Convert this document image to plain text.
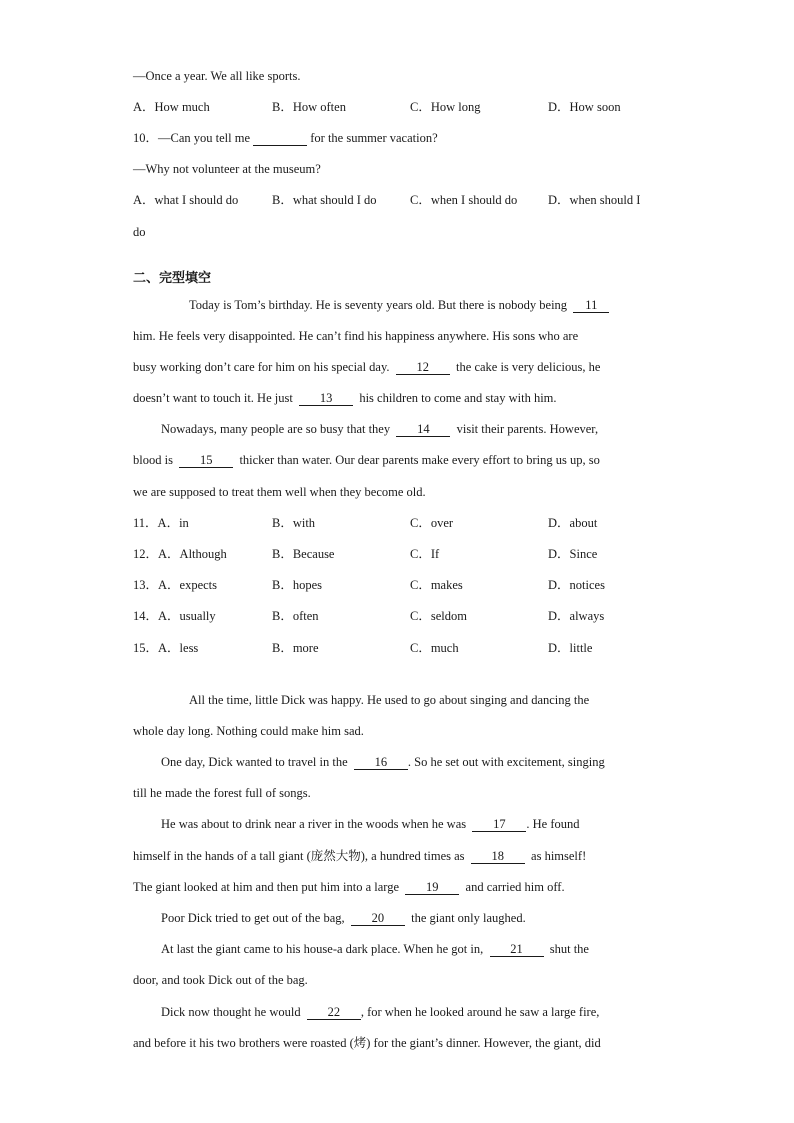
—Once a year. We all like sports.
A．How much	B．How often	C．How long	D．How soon
10．—Can you tell me	for the summer vacation?
—Why not volunteer at the museum?
A．what I should do	B．what should I do	C．when I should do D．when should I
do
二、完型填空
Today is Tom’s birthday. He is seventy years old. But there is nobody being 11
him. He feels very disappointed. He can’t find his happiness anywhere. His sons who are
busy working don’t care for him on his special day. 12 the cake is very delicious, he
doesn’t want to touch it. He just 13 his children to come and stay with him.
Nowadays, many people are so busy that they 14 visit their parents. However,
blood is 15 thicker than water. Our dear parents make every effort to bring us up, so
we are supposed to treat them well when they become old.
11．A．in	B．with	C．over	D．about
12．A．Although	B．Because	C．If	D．Since
13．A．expects	B．hopes	C．makes	D．notices
14．A．usually	B．often	C．seldom	D．always
15．A．less	B．more	C．much	D．little
All the time, little Dick was happy. He used to go about singing and dancing the
whole day long. Nothing could make him sad.
One day, Dick wanted to travel in the 16 . So he set out with excitement, singing
till he made the forest full of songs.
He was about to drink near a river in the woods when he was 17 . He found
himself in the hands of a tall giant (庞然大物), a hundred times as 18 as himself!
The giant looked at him and then put him into a large 19 and carried him off.
Poor Dick tried to get out of the bag, 20 the giant only laughed.
At last the giant came to his house-a dark place. When he got in, 21 shut the
door, and took Dick out of the bag.
Dick now thought he would 22 , for when he looked around he saw a large fire,
and before it his two brothers were roasted (烤) for the giant’s dinner. However, the giant, did
